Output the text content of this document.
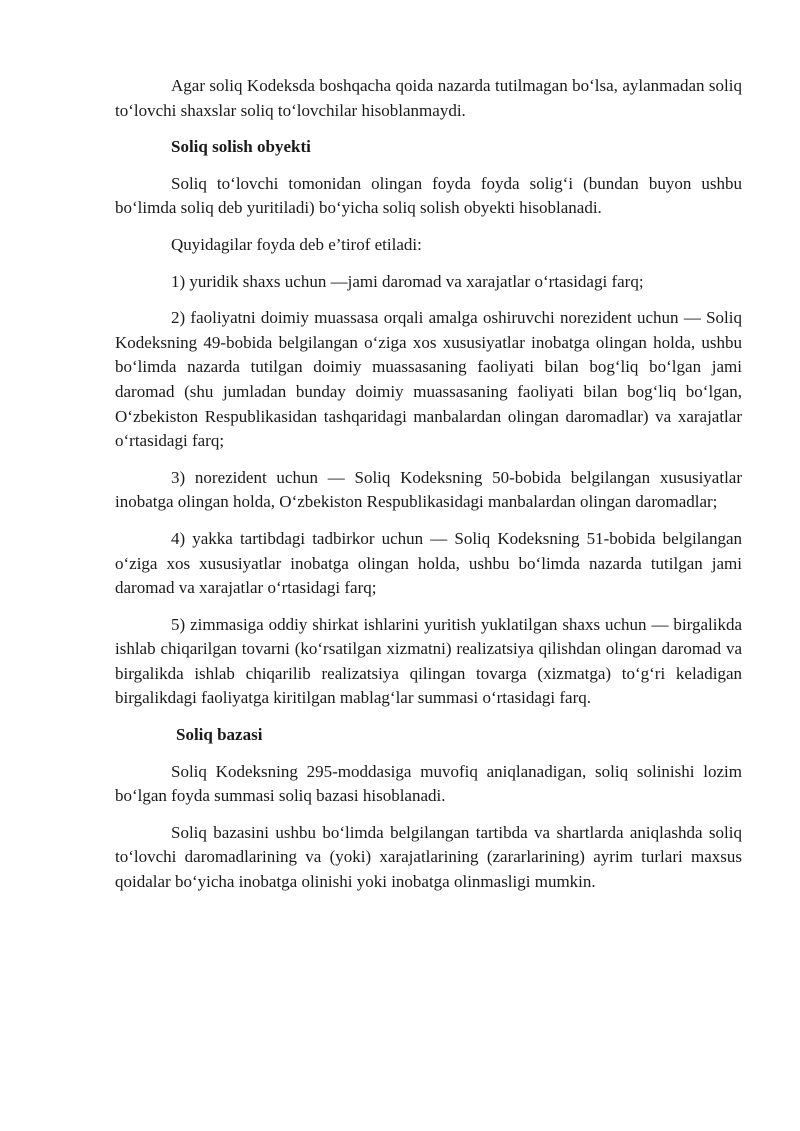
Agar soliq Kodeksda boshqacha qoida nazarda tutilmagan bo‘lsa, aylanmadan soliq to‘lovchi shaxslar soliq to‘lovchilar hisoblanmaydi.

Soliq solish obyekti

Soliq to‘lovchi tomonidan olingan foyda foyda solig‘i (bundan buyon ushbu bo‘limda soliq deb yuritiladi) bo‘yicha soliq solish obyekti hisoblanadi.

Quyidagilar foyda deb e’tirof etiladi:

1) yuridik shaxs uchun —jami daromad va xarajatlar o‘rtasidagi farq;

2) faoliyatni doimiy muassasa orqali amalga oshiruvchi norezident uchun — Soliq Kodeksning 49-bobida belgilangan o‘ziga xos xususiyatlar inobatga olingan holda, ushbu bo‘limda nazarda tutilgan doimiy muassasaning faoliyati bilan bog‘liq bo‘lgan jami daromad (shu jumladan bunday doimiy muassasaning faoliyati bilan bog‘liq bo‘lgan, O‘zbekiston Respublikasidan tashqaridagi manbalardan olingan daromadlar) va xarajatlar o‘rtasidagi farq;

3) norezident uchun — Soliq Kodeksning 50-bobida belgilangan xususiyatlar inobatga olingan holda, O‘zbekiston Respublikasidagi manbalardan olingan daromadlar;

4) yakka tartibdagi tadbirkor uchun — Soliq Kodeksning 51-bobida belgilangan o‘ziga xos xususiyatlar inobatga olingan holda, ushbu bo‘limda nazarda tutilgan jami daromad va xarajatlar o‘rtasidagi farq;

5) zimmasiga oddiy shirkat ishlarini yuritish yuklatilgan shaxs uchun — birgalikda ishlab chiqarilgan tovarni (ko‘rsatilgan xizmatni) realizatsiya qilishdan olingan daromad va birgalikda ishlab chiqarilib realizatsiya qilingan tovarga (xizmatga) to‘g‘ri keladigan birgalikdagi faoliyatga kiritilgan mablag‘lar summasi o‘rtasidagi farq.

Soliq bazasi

Soliq Kodeksning 295-moddasiga muvofiq aniqlanadigan, soliq solinishi lozim bo‘lgan foyda summasi soliq bazasi hisoblanadi.

Soliq bazasini ushbu bo‘limda belgilangan tartibda va shartlarda aniqlashda soliq to‘lovchi daromadlarining va (yoki) xarajatlarining (zararlarining) ayrim turlari maxsus qoidalar bo‘yicha inobatga olinishi yoki inobatga olinmasligi mumkin.
